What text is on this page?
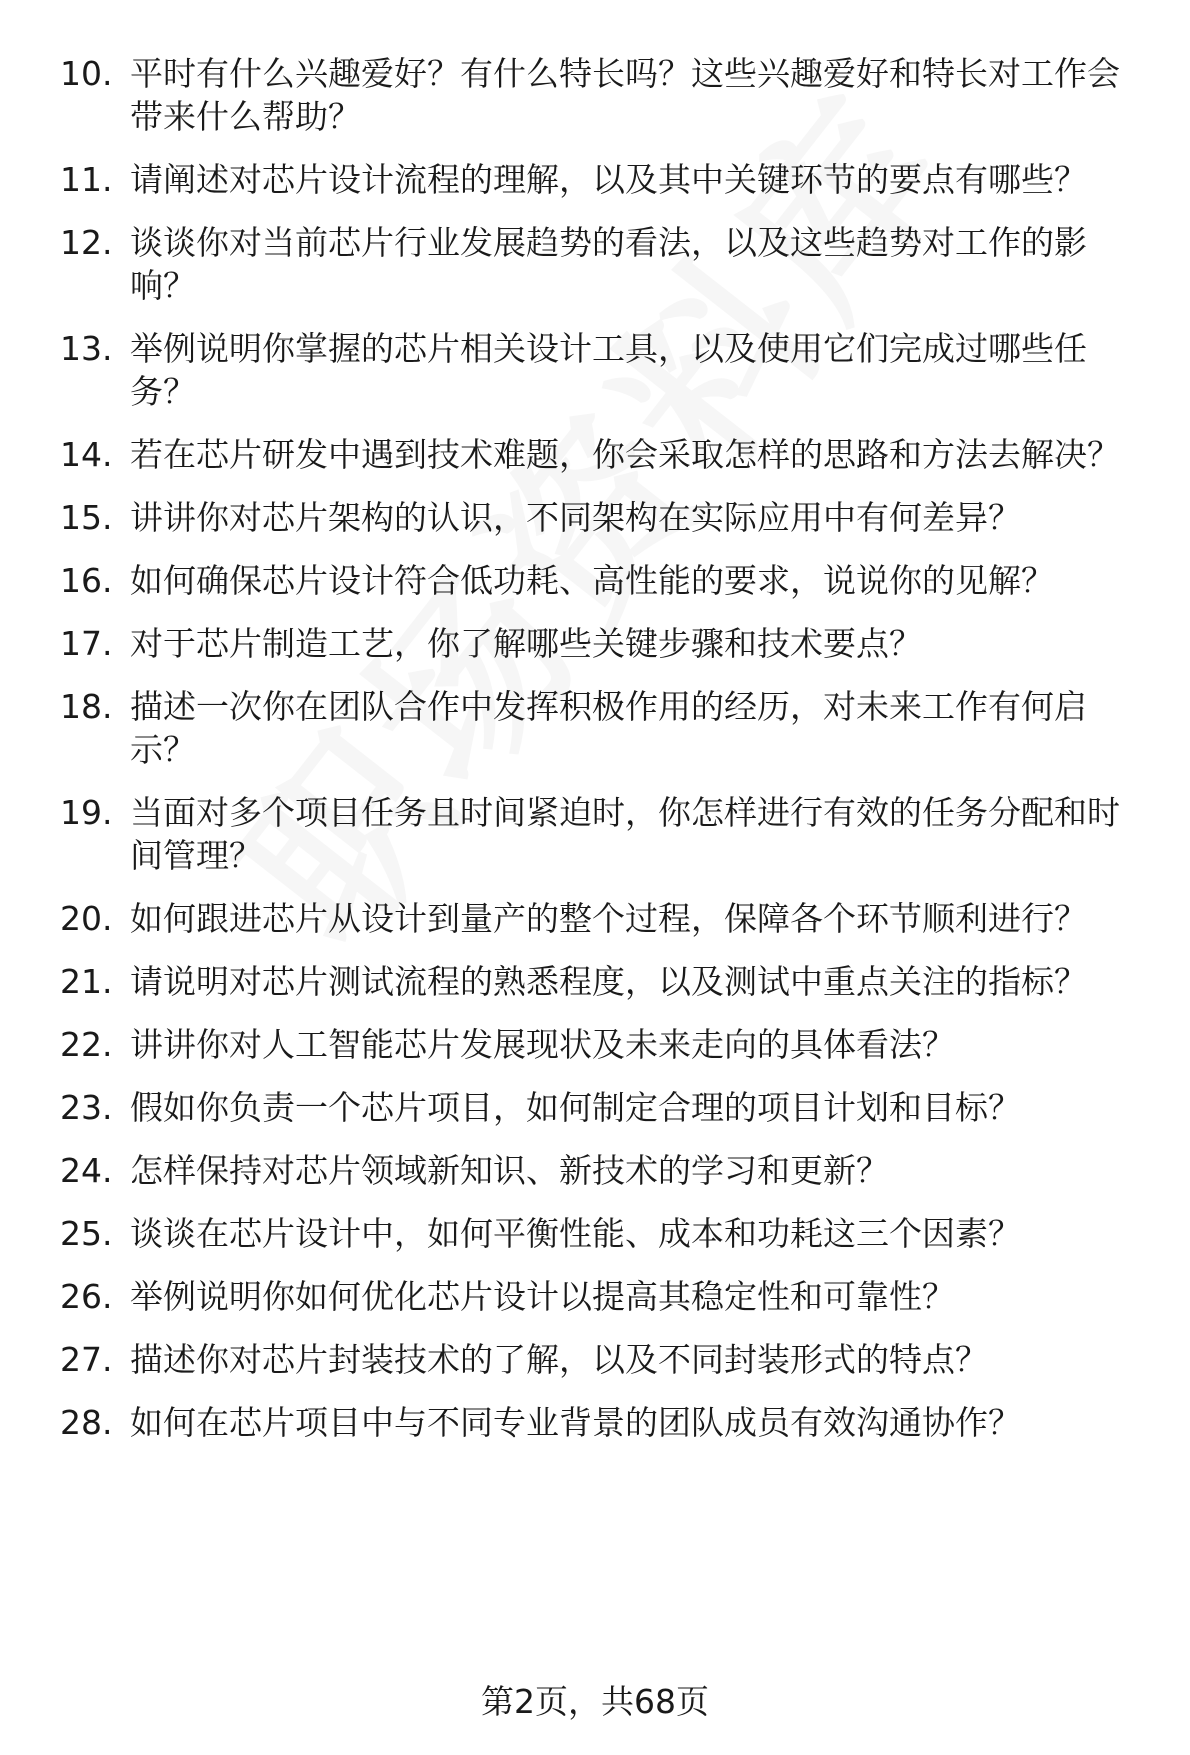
10. 平时有什么兴趣爱好？有什么特长吗？这些兴趣爱好和特长对工作会带来什么帮助？
11. 请阐述对芯片设计流程的理解，以及其中关键环节的要点有哪些？
12. 谈谈你对当前芯片行业发展趋势的看法，以及这些趋势对工作的影响？
13. 举例说明你掌握的芯片相关设计工具，以及使用它们完成过哪些任务？
14. 若在芯片研发中遇到技术难题，你会采取怎样的思路和方法去解决？
15. 讲讲你对芯片架构的认识，不同架构在实际应用中有何差异？
16. 如何确保芯片设计符合低功耗、高性能的要求，说说你的见解？
17. 对于芯片制造工艺，你了解哪些关键步骤和技术要点？
18. 描述一次你在团队合作中发挥积极作用的经历，对未来工作有何启示？
19. 当面对多个项目任务且时间紧迫时，你怎样进行有效的任务分配和时间管理？
20. 如何跟进芯片从设计到量产的整个过程，保障各个环节顺利进行？
21. 请说明对芯片测试流程的熟悉程度，以及测试中重点关注的指标？
22. 讲讲你对人工智能芯片发展现状及未来走向的具体看法？
23. 假如你负责一个芯片项目，如何制定合理的项目计划和目标？
24. 怎样保持对芯片领域新知识、新技术的学习和更新？
25. 谈谈在芯片设计中，如何平衡性能、成本和功耗这三个因素？
26. 举例说明你如何优化芯片设计以提高其稳定性和可靠性？
27. 描述你对芯片封装技术的了解，以及不同封装形式的特点？
28. 如何在芯片项目中与不同专业背景的团队成员有效沟通协作？
第2页，共68页
